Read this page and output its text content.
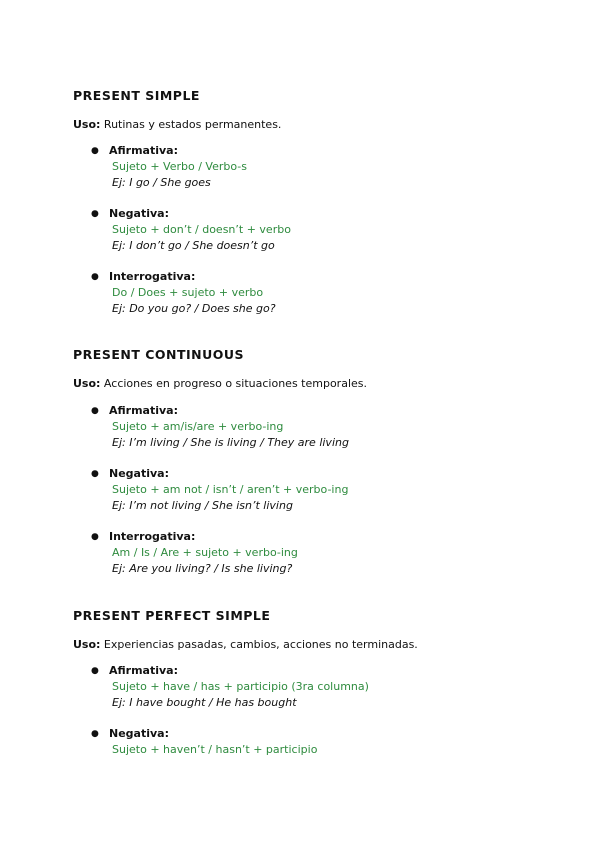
PRESENT SIMPLE

Uso: Rutinas y estados permanentes.

● Afirmativa:
Sujeto + Verbo / Verbo-s
Ej: I go / She goes
● Negativa:
Sujeto + don’t / doesn’t + verbo
Ej: I don’t go / She doesn’t go
● Interrogativa:
Do / Does + sujeto + verbo
Ej: Do you go? / Does she go?
PRESENT CONTINUOUS

Uso: Acciones en progreso o situaciones temporales.

● Afirmativa:
Sujeto + am/is/are + verbo-ing
Ej: I’m living / She is living / They are living
● Negativa:
Sujeto + am not / isn’t / aren’t + verbo-ing
Ej: I’m not living / She isn’t living
● Interrogativa:
Am / Is / Are + sujeto + verbo-ing
Ej: Are you living? / Is she living?
PRESENT PERFECT SIMPLE

Uso: Experiencias pasadas, cambios, acciones no terminadas.

● Afirmativa:
Sujeto + have / has + participio (3ra columna)
Ej: I have bought / He has bought
● Negativa:
Sujeto + haven’t / hasn’t + participio
